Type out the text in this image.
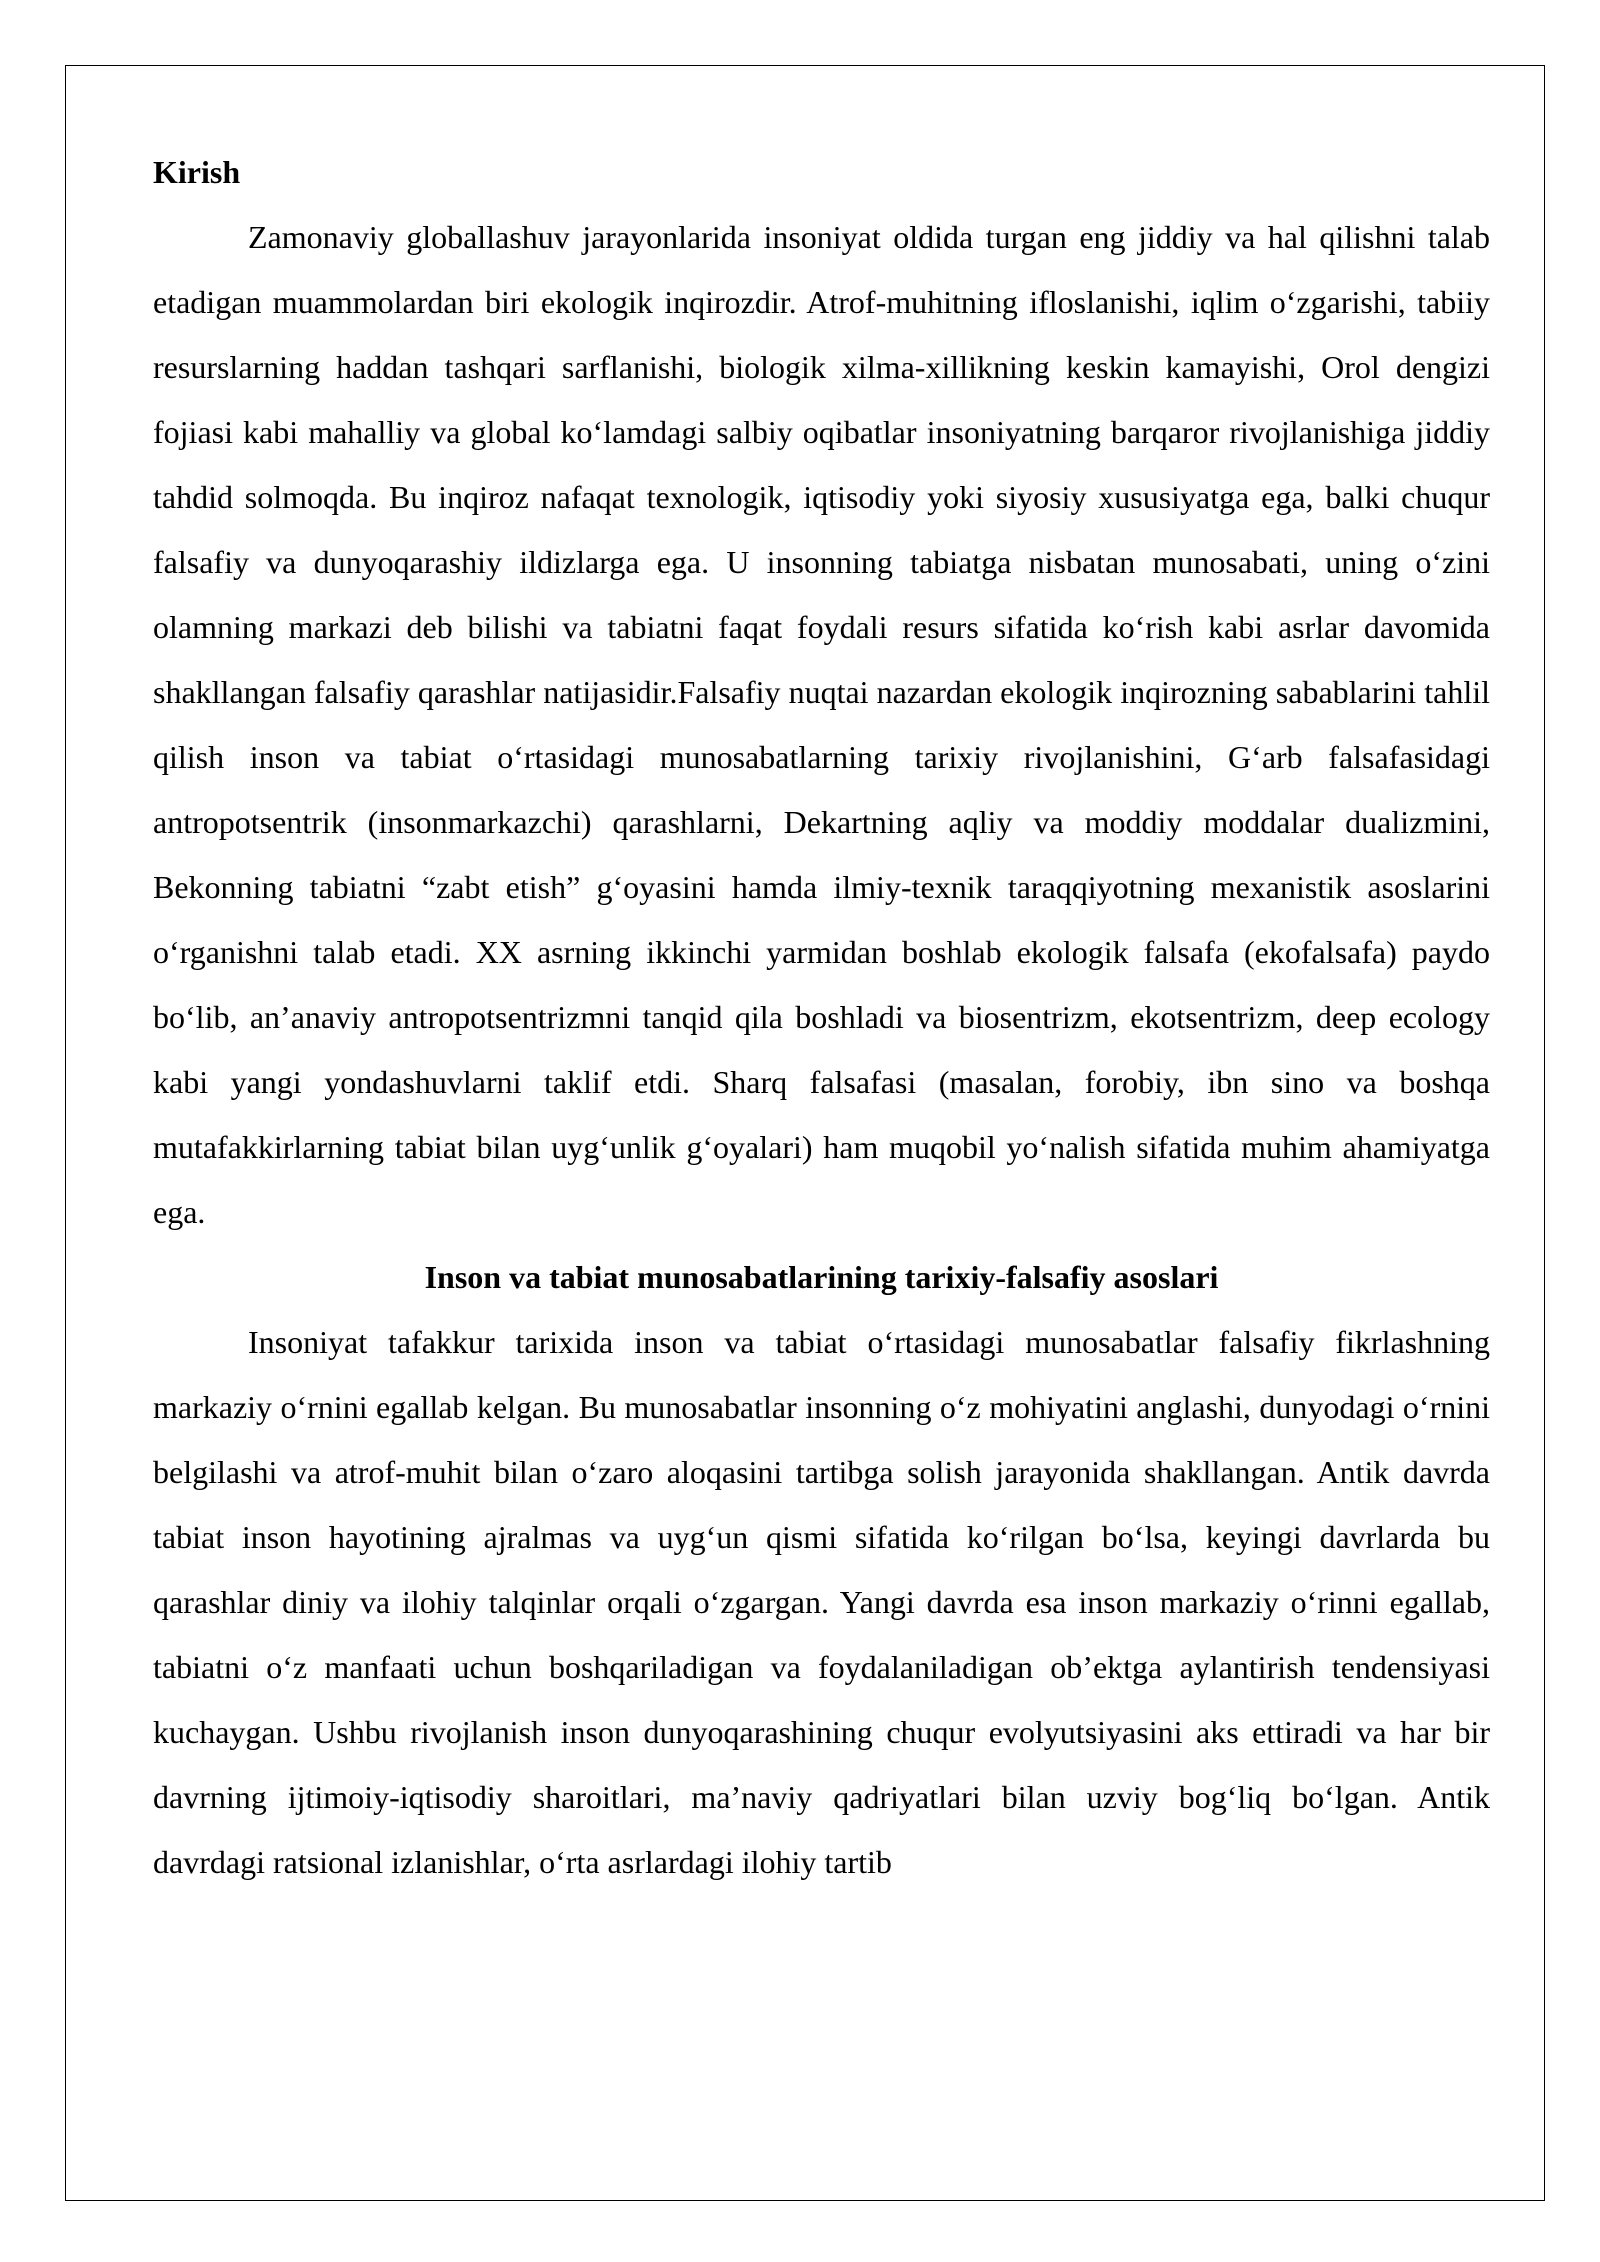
Kirish

Zamonaviy globallashuv jarayonlarida insoniyat oldida turgan eng jiddiy va hal qilishni talab etadigan muammolardan biri ekologik inqirozdir. Atrof-muhitning ifloslanishi, iqlim o‘zgarishi, tabiiy resurslarning haddan tashqari sarflanishi, biologik xilma-xillikning keskin kamayishi, Orol dengizi fojiasi kabi mahalliy va global ko‘lamdagi salbiy oqibatlar insoniyatning barqaror rivojlanishiga jiddiy tahdid solmoqda. Bu inqiroz nafaqat texnologik, iqtisodiy yoki siyosiy xususiyatga ega, balki chuqur falsafiy va dunyoqarashiy ildizlarga ega. U insonning tabiatga nisbatan munosabati, uning o‘zini olamning markazi deb bilishi va tabiatni faqat foydali resurs sifatida ko‘rish kabi asrlar davomida shakllangan falsafiy qarashlar natijasidir.Falsafiy nuqtai nazardan ekologik inqirozning sabablarini tahlil qilish inson va tabiat o‘rtasidagi munosabatlarning tarixiy rivojlanishini, G‘arb falsafasidagi antropotsentrik (insonmarkazchi) qarashlarni, Dekartning aqliy va moddiy moddalar dualizmini, Bekonning tabiatni “zabt etish” g‘oyasini hamda ilmiy-texnik taraqqiyotning mexanistik asoslarini o‘rganishni talab etadi. XX asrning ikkinchi yarmidan boshlab ekologik falsafa (ekofalsafa) paydo bo‘lib, an’anaviy antropotsentrizmni tanqid qila boshladi va biosentrizm, ekotsentrizm, deep ecology kabi yangi yondashuvlarni taklif etdi. Sharq falsafasi (masalan, forobiy, ibn sino va boshqa mutafakkirlarning tabiat bilan uyg‘unlik g‘oyalari) ham muqobil yo‘nalish sifatida muhim ahamiyatga ega.

Inson va tabiat munosabatlarining tarixiy-falsafiy asoslari

Insoniyat tafakkur tarixida inson va tabiat o‘rtasidagi munosabatlar falsafiy fikrlashning markaziy o‘rnini egallab kelgan. Bu munosabatlar insonning o‘z mohiyatini anglashi, dunyodagi o‘rnini belgilashi va atrof-muhit bilan o‘zaro aloqasini tartibga solish jarayonida shakllangan. Antik davrda tabiat inson hayotining ajralmas va uyg‘un qismi sifatida ko‘rilgan bo‘lsa, keyingi davrlarda bu qarashlar diniy va ilohiy talqinlar orqali o‘zgargan. Yangi davrda esa inson markaziy o‘rinni egallab, tabiatni o‘z manfaati uchun boshqariladigan va foydalaniladigan ob’ektga aylantirish tendensiyasi kuchaygan. Ushbu rivojlanish inson dunyoqarashining chuqur evolyutsiyasini aks ettiradi va har bir davrning ijtimoiy-iqtisodiy sharoitlari, ma’naviy qadriyatlari bilan uzviy bog‘liq bo‘lgan. Antik davrdagi ratsional izlanishlar, o‘rta asrlardagi ilohiy tartib
